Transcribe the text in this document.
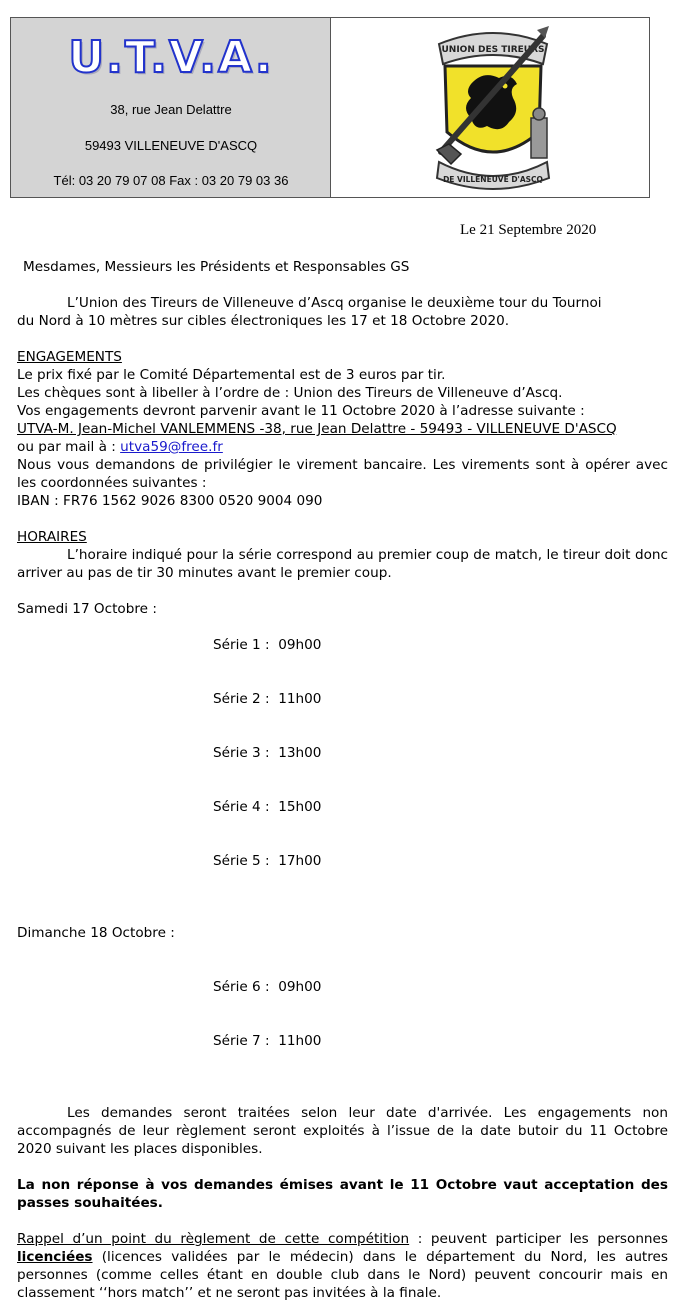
U.T.V.A.
38, rue Jean Delattre
59493 VILLENEUVE D'ASCQ
Tél: 03 20 79 07 08 Fax : 03 20 79 03 36
UNION DES TIREURS
DE VILLENEUVE D'ASCQ
Le 21 Septembre 2020

Mesdames, Messieurs les Présidents et Responsables GS

L’Union des Tireurs de Villeneuve d’Ascq organise le deuxième tour du Tournoi

du Nord à 10 mètres sur cibles électroniques les 17 et 18 Octobre 2020.

ENGAGEMENTS

Le prix fixé par le Comité Départemental est de 3 euros par tir.

Les chèques sont à libeller à l’ordre de : Union des Tireurs de Villeneuve d’Ascq.

Vos engagements devront parvenir avant le 11 Octobre 2020 à l’adresse suivante :

UTVA-M. Jean-Michel VANLEMMENS -38, rue Jean Delattre - 59493 - VILLENEUVE D'ASCQ

ou par mail à : utva59@free.fr

Nous vous demandons de privilégier le virement bancaire. Les virements sont à opérer avec les coordonnées suivantes :

IBAN : FR76 1562 9026 8300 0520 9004 090

HORAIRES

L’horaire indiqué pour la série correspond au premier coup de match, le tireur doit donc arriver au pas de tir 30 minutes avant le premier coup.

Samedi 17 Octobre :

Série 1 :  09h00

Série 2 :  11h00

Série 3 :  13h00

Série 4 :  15h00

Série 5 :  17h00

Dimanche 18 Octobre :

Série 6 :  09h00

Série 7 :  11h00

Les demandes seront traitées selon leur date d'arrivée. Les engagements non accompagnés de leur règlement seront exploités à l’issue de la date butoir du 11 Octobre 2020 suivant les places disponibles.

La non réponse à vos demandes émises avant le 11 Octobre vaut acceptation des passes souhaitées.

Rappel d’un point du règlement de cette compétition : peuvent participer les personnes licenciées (licences validées par le médecin) dans le département du Nord, les autres personnes (comme celles étant en double club dans le Nord) peuvent concourir mais en classement ‘‘hors match’’ et ne seront pas invitées à la finale.
